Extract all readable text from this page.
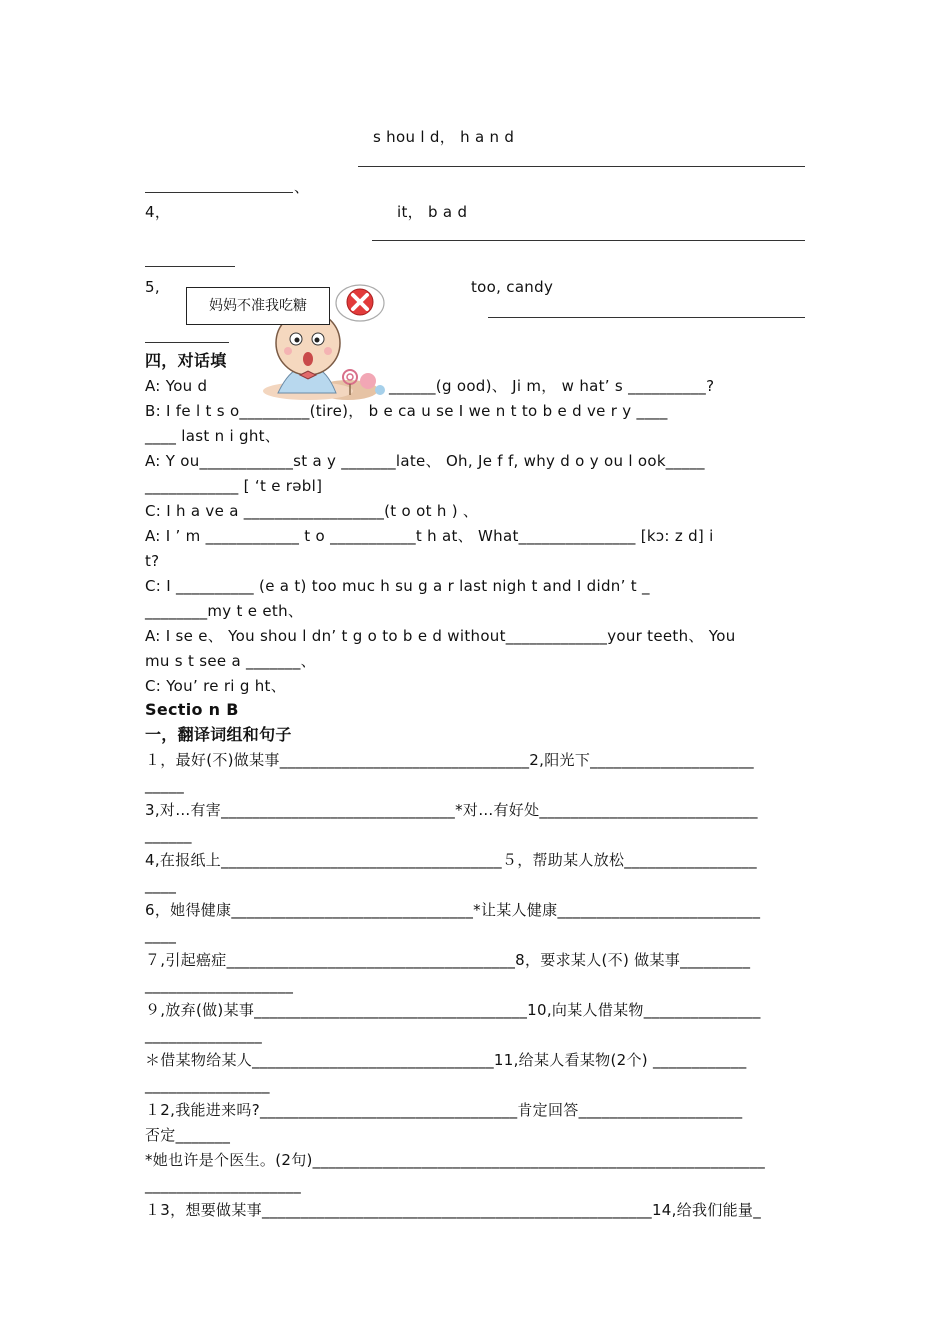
s hou l d， h a n d
、
4，	it， b a d
5,	too, candy
四，对话填
妈妈不准我吃糖
A: You d	______(g ood)、 Ji m， w hat’ s __________?
B: I fe l t s o_________(tire)， b e ca u se I we n t to b e d ve r y ____
____ last n i ght、
A: Y ou____________st a y _______late、 Oh, Je f f, why d o y ou l ook_____
____________ [ ‘t e rəbl]
C: I h a ve a __________________(t o ot h ) 、
A: I ’ m ____________ t o ___________t h at、 What_______________ [kɔ: z d] i
t?
C: I __________ (e a t) too muc h su g a r last nigh t and I didn’ t _
________my t e eth、
A: I se e、 You shou l dn’ t g o to b e d without_____________your teeth、 You
mu s t see a _______、
C: You’ re ri g ht、
Sectio n B
一，翻译词组和句子
１，最好(不)做某事________________________________2,阳光下_____________________
_____
3,对…有害______________________________*对…有好处____________________________
______
4,在报纸上____________________________________５，帮助某人放松_________________
____
6，她得健康_______________________________*让某人健康__________________________
____
７,引起癌症_____________________________________8，要求某人(不) 做某事_________
___________________
９,放弃(做)某事___________________________________10,向某人借某物_______________
_______________
＊借某物给某人_______________________________11,给某人看某物(2个) ____________
________________
１2,我能进来吗?_________________________________肯定回答_____________________
否定_______
*她也许是个医生。(2句)__________________________________________________________
____________________
１3，想要做某事__________________________________________________14,给我们能量_
